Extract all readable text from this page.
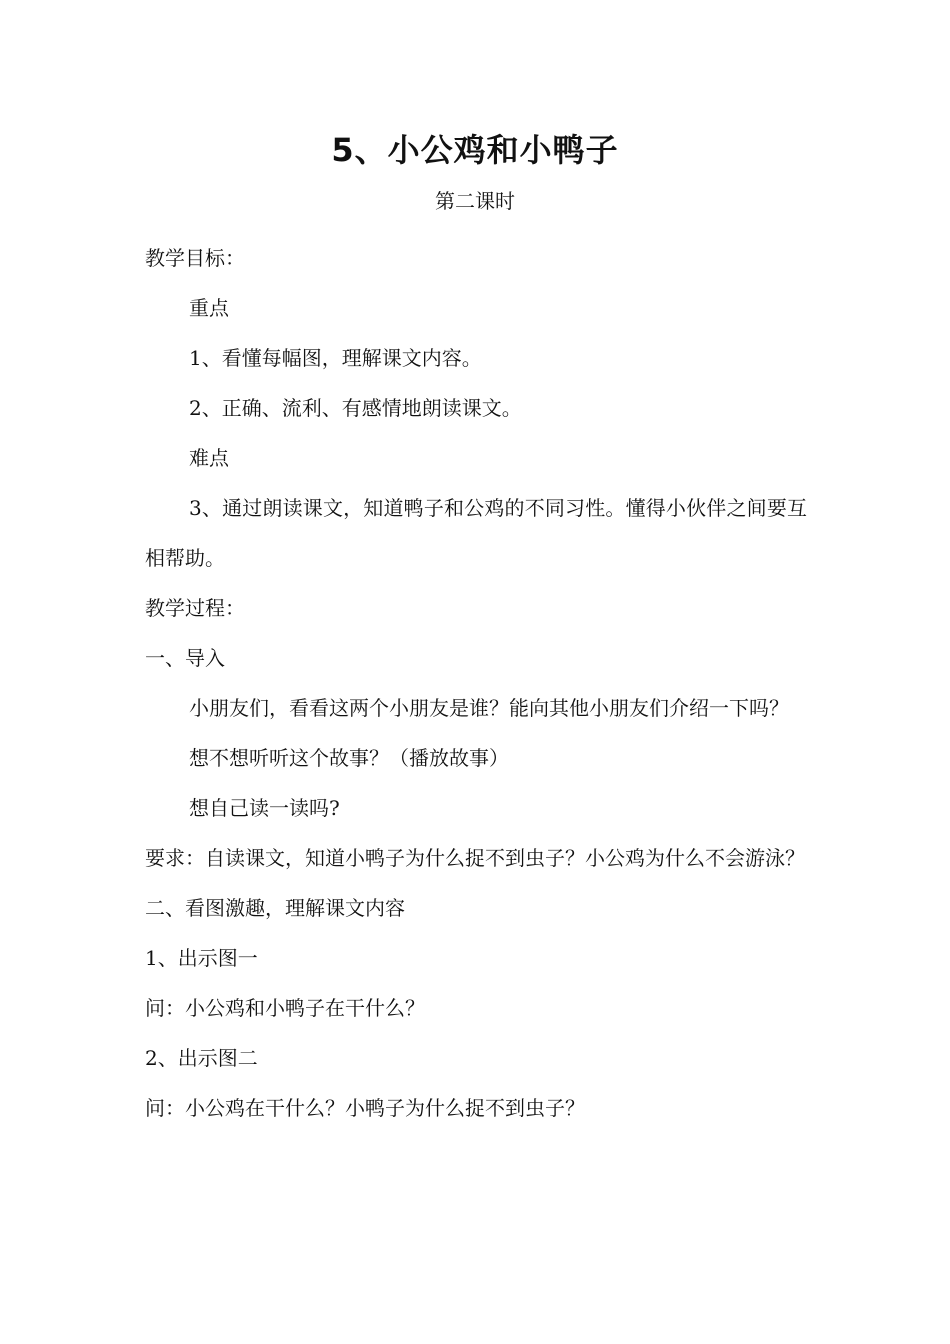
5、小公鸡和小鸭子
第二课时

教学目标：

重点

1、看懂每幅图，理解课文内容。

2、正确、流利、有感情地朗读课文。

难点

3、通过朗读课文，知道鸭子和公鸡的不同习性。懂得小伙伴之间要互相帮助。

教学过程：

一、导入

小朋友们，看看这两个小朋友是谁？能向其他小朋友们介绍一下吗？

想不想听听这个故事？（播放故事）

想自己读一读吗?

要求：自读课文，知道小鸭子为什么捉不到虫子？小公鸡为什么不会游泳？

二、看图激趣，理解课文内容

1、出示图一

问：小公鸡和小鸭子在干什么？

2、出示图二

问：小公鸡在干什么？小鸭子为什么捉不到虫子？
